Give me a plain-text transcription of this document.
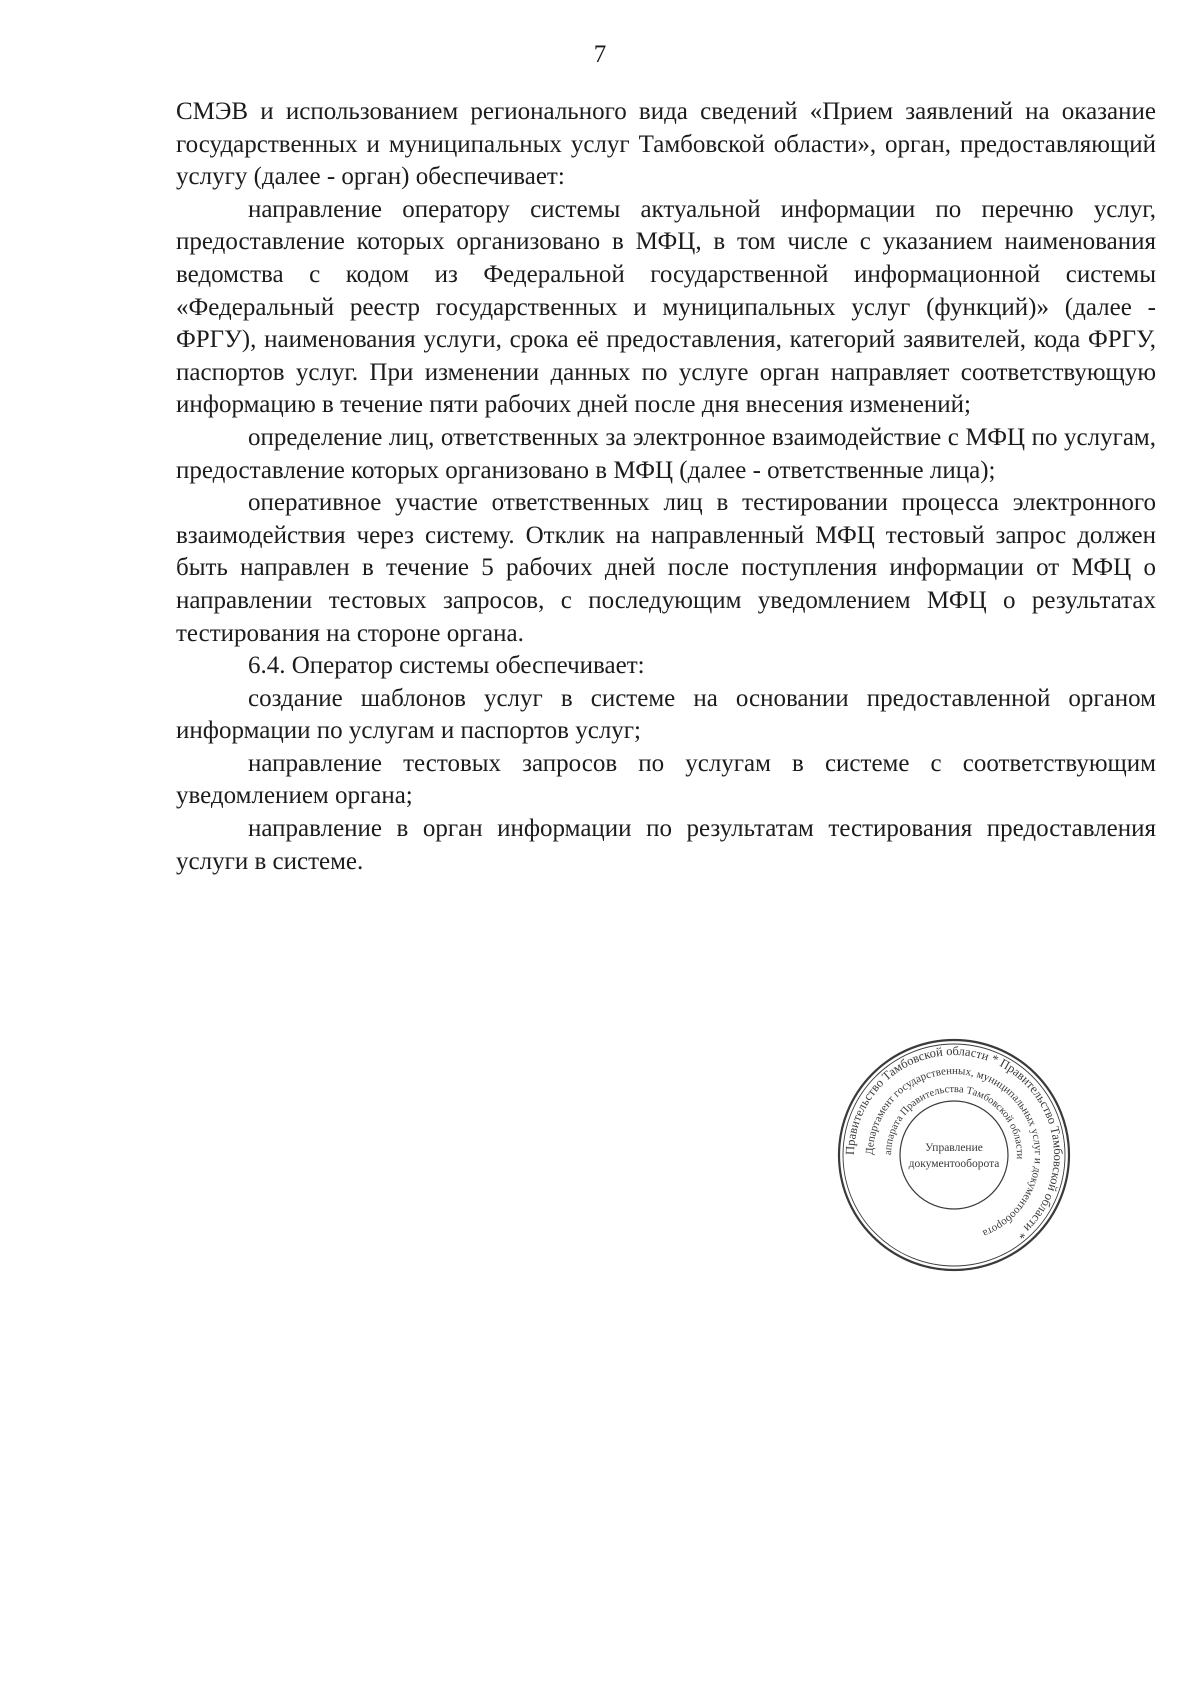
7

СМЭВ и использованием регионального вида сведений «Прием заявлений на оказание государственных и муниципальных услуг Тамбовской области», орган, предоставляющий услугу (далее - орган) обеспечивает:

направление оператору системы актуальной информации по перечню услуг, предоставление которых организовано в МФЦ, в том числе с указанием наименования ведомства с кодом из Федеральной государственной информационной системы «Федеральный реестр государственных и муниципальных услуг (функций)» (далее - ФРГУ), наименования услуги, срока её предоставления, категорий заявителей, кода ФРГУ, паспортов услуг. При изменении данных по услуге орган направляет соответствующую информацию в течение пяти рабочих дней после дня внесения изменений;

определение лиц, ответственных за электронное взаимодействие с МФЦ по услугам, предоставление которых организовано в МФЦ (далее - ответственные лица);

оперативное участие ответственных лиц в тестировании процесса электронного взаимодействия через систему. Отклик на направленный МФЦ тестовый запрос должен быть направлен в течение 5 рабочих дней после поступления информации от МФЦ о направлении тестовых запросов, с последующим уведомлением МФЦ о результатах тестирования на стороне органа.

6.4. Оператор системы обеспечивает:

создание шаблонов услуг в системе на основании предоставленной органом информации по услугам и паспортов услуг;

направление тестовых запросов по услугам в системе с соответствующим уведомлением органа;

направление в орган информации по результатам тестирования предоставления услуги в системе.

Правительство Тамбовской области * Правительство Тамбовской области *
Департамент государственных, муниципальных услуг и документооборота
аппарата Правительства Тамбовской области
Управление
документооборота
